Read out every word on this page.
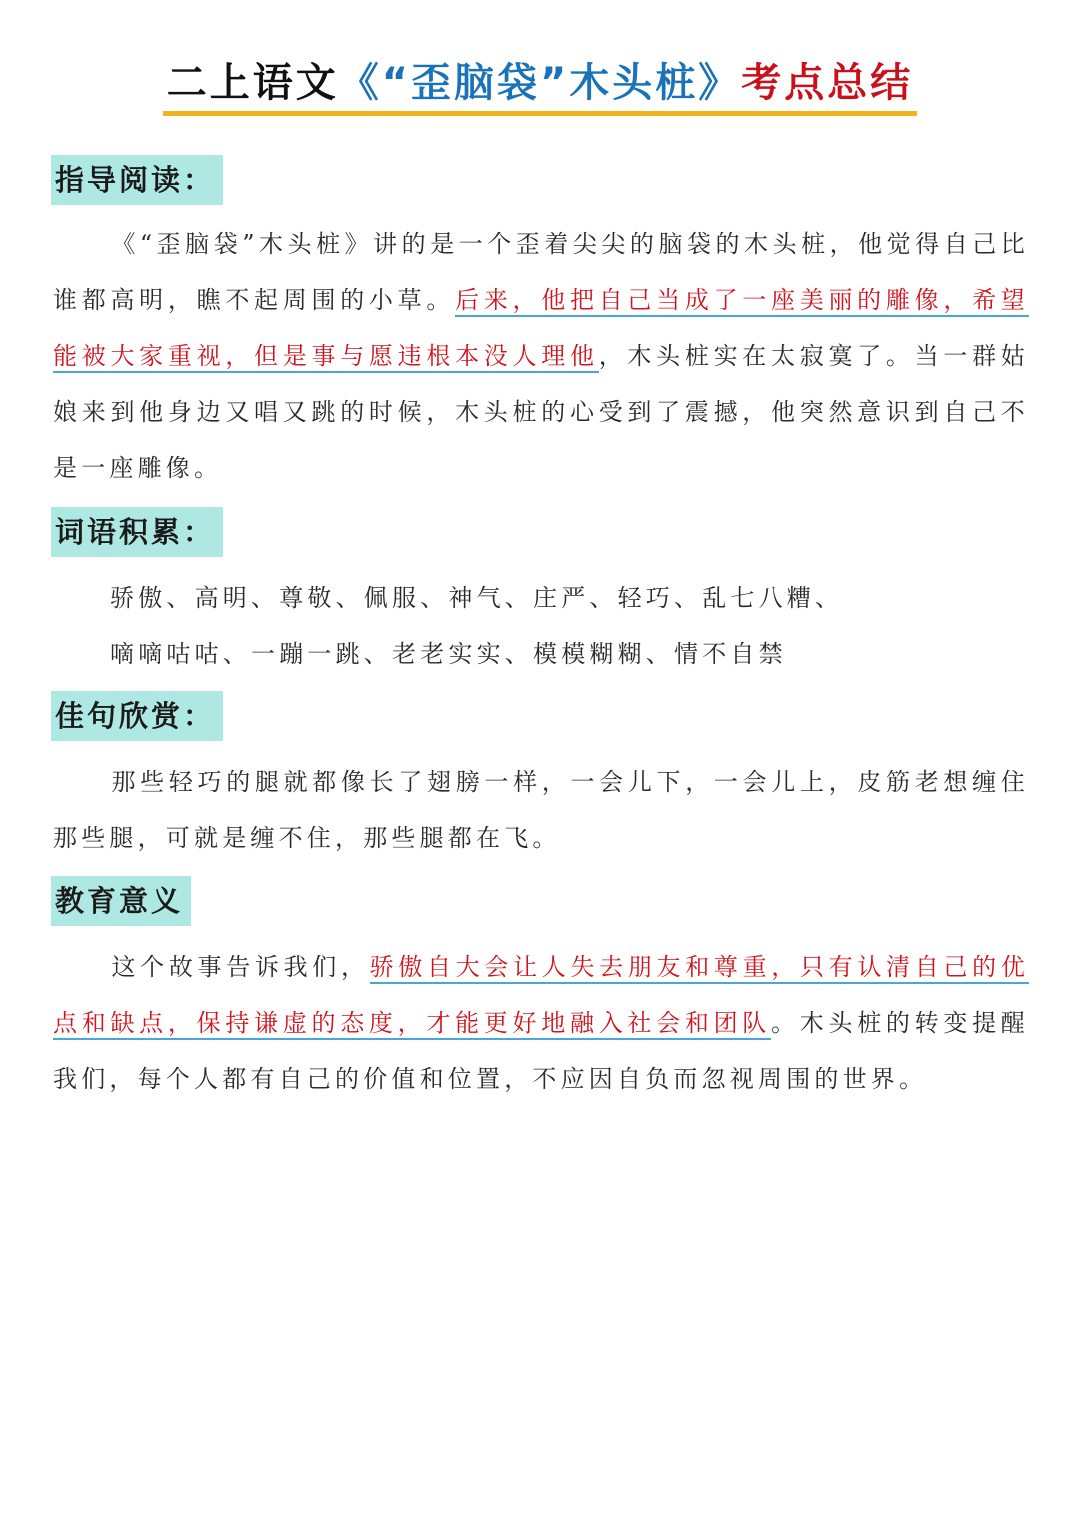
二上语文《“歪脑袋”木头桩》考点总结
指导阅读：
《“歪脑袋”木头桩》讲的是一个歪着尖尖的脑袋的木头桩，他觉得自己比谁都高明，瞧不起周围的小草。后来，他把自己当成了一座美丽的雕像，希望能被大家重视，但是事与愿违根本没人理他，木头桩实在太寂寞了。当一群姑娘来到他身边又唱又跳的时候，木头桩的心受到了震撼，他突然意识到自己不是一座雕像。
词语积累：
骄傲、高明、尊敬、佩服、神气、庄严、轻巧、乱七八糟、
嘀嘀咕咕、一蹦一跳、老老实实、模模糊糊、情不自禁
佳句欣赏：
那些轻巧的腿就都像长了翅膀一样，一会儿下，一会儿上，皮筋老想缠住那些腿，可就是缠不住，那些腿都在飞。
教育意义
这个故事告诉我们，骄傲自大会让人失去朋友和尊重，只有认清自己的优点和缺点，保持谦虚的态度，才能更好地融入社会和团队。木头桩的转变提醒我们，每个人都有自己的价值和位置，不应因自负而忽视周围的世界。
